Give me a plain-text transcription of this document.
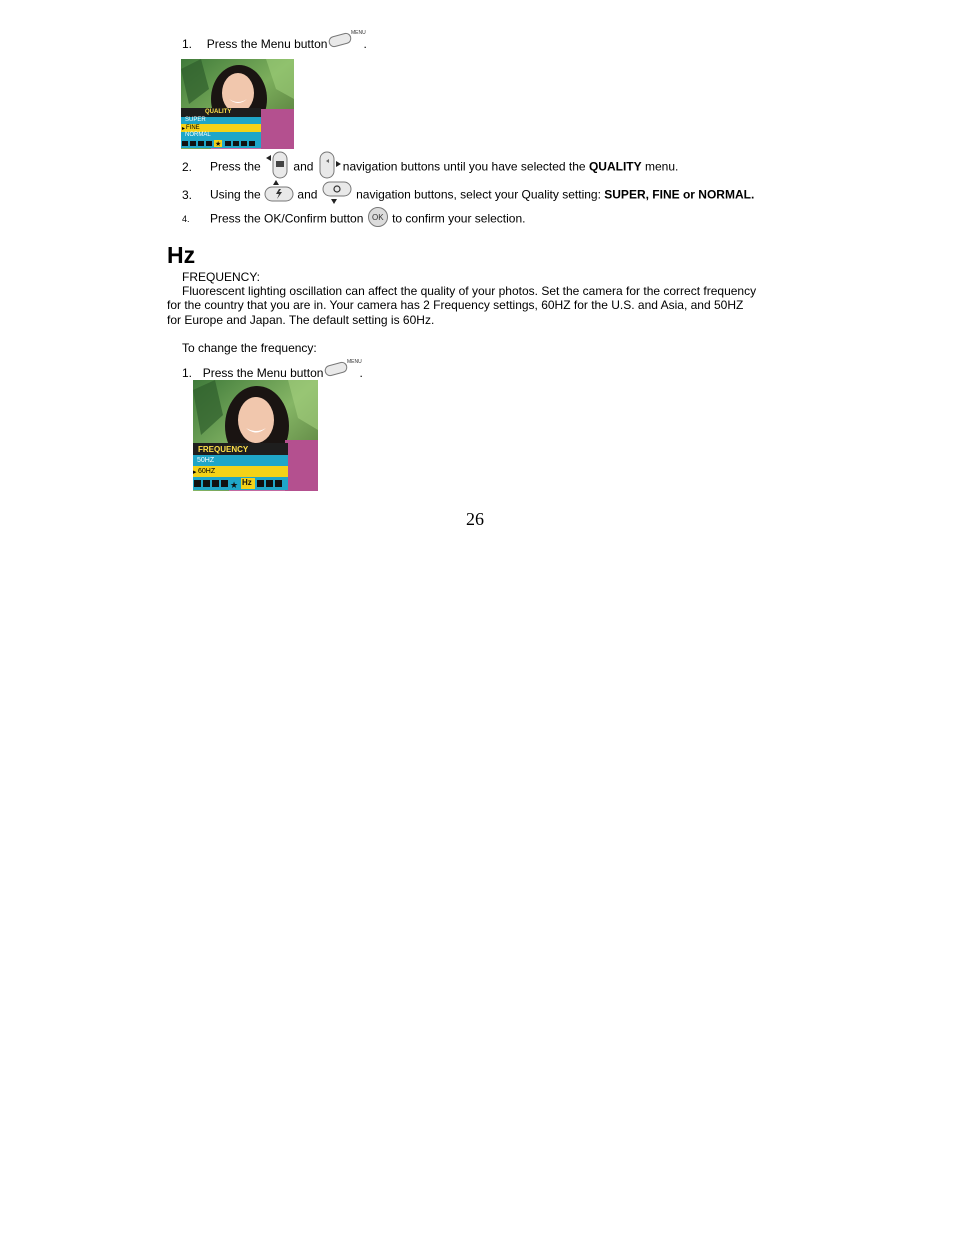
1. Press the Menu button
MENU
.
QUALITY
SUPER
▸ FINE
NORMAL
★
2. Press the	and navigation buttons until you have selected the QUALITY menu.
3. Using the	and	navigation buttons, select your Quality setting: SUPER, FINE or NORMAL.
4. Press the OK/Confirm button OK to confirm your selection.
Hz
FREQUENCY:
Fluorescent lighting oscillation can affect the quality of your photos. Set the camera for the correct frequency
for the country that you are in. Your camera has 2 Frequency settings, 60HZ for the U.S. and Asia, and 50HZ
for Europe and Japan. The default setting is 60Hz.
To change the frequency:
1. Press the Menu button
MENU
.
FREQUENCY
50HZ
▸ 60HZ
★ Hz
26
